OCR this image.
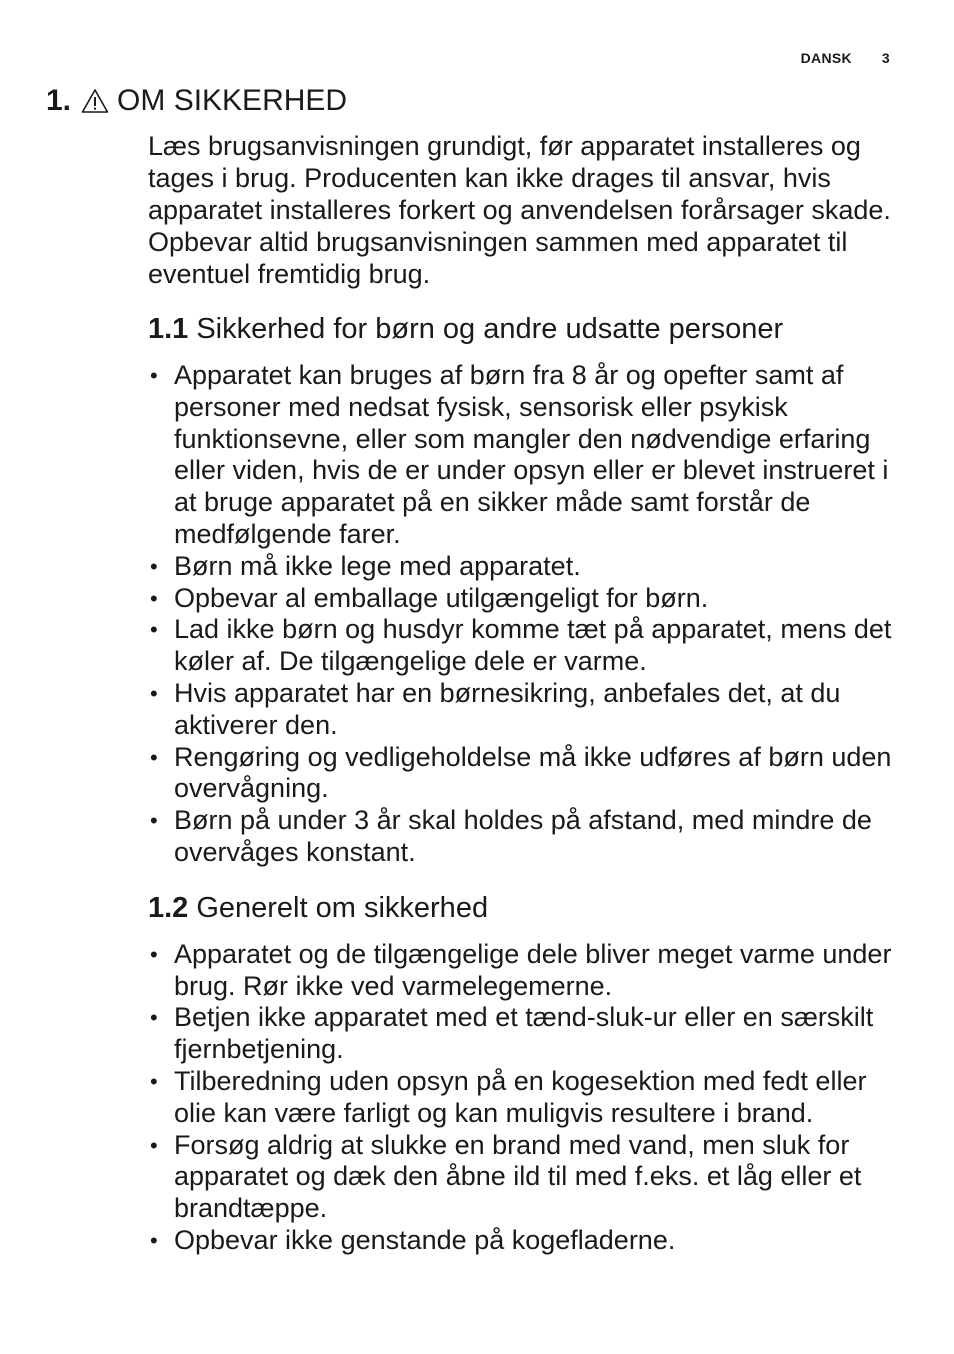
DANSK 3
1. OM SIKKERHED

Læs brugsanvisningen grundigt, før apparatet installeres og tages i brug. Producenten kan ikke drages til ansvar, hvis apparatet installeres forkert og anvendelsen forårsager skade. Opbevar altid brugsanvisningen sammen med apparatet til eventuel fremtidig brug.

1.1 Sikkerhed for børn og andre udsatte personer
• Apparatet kan bruges af børn fra 8 år og opefter samt af personer med nedsat fysisk, sensorisk eller psykisk funktionsevne, eller som mangler den nødvendige erfaring eller viden, hvis de er under opsyn eller er blevet instrueret i at bruge apparatet på en sikker måde samt forstår de medfølgende farer.
• Børn må ikke lege med apparatet.
• Opbevar al emballage utilgængeligt for børn.
• Lad ikke børn og husdyr komme tæt på apparatet, mens det køler af. De tilgængelige dele er varme.
• Hvis apparatet har en børnesikring, anbefales det, at du aktiverer den.
• Rengøring og vedligeholdelse må ikke udføres af børn uden overvågning.
• Børn på under 3 år skal holdes på afstand, med mindre de overvåges konstant.
1.2 Generelt om sikkerhed
• Apparatet og de tilgængelige dele bliver meget varme under brug. Rør ikke ved varmelegemerne.
• Betjen ikke apparatet med et tænd-sluk-ur eller en særskilt fjernbetjening.
• Tilberedning uden opsyn på en kogesektion med fedt eller olie kan være farligt og kan muligvis resultere i brand.
• Forsøg aldrig at slukke en brand med vand, men sluk for apparatet og dæk den åbne ild til med f.eks. et låg eller et brandtæppe.
• Opbevar ikke genstande på kogefladerne.
